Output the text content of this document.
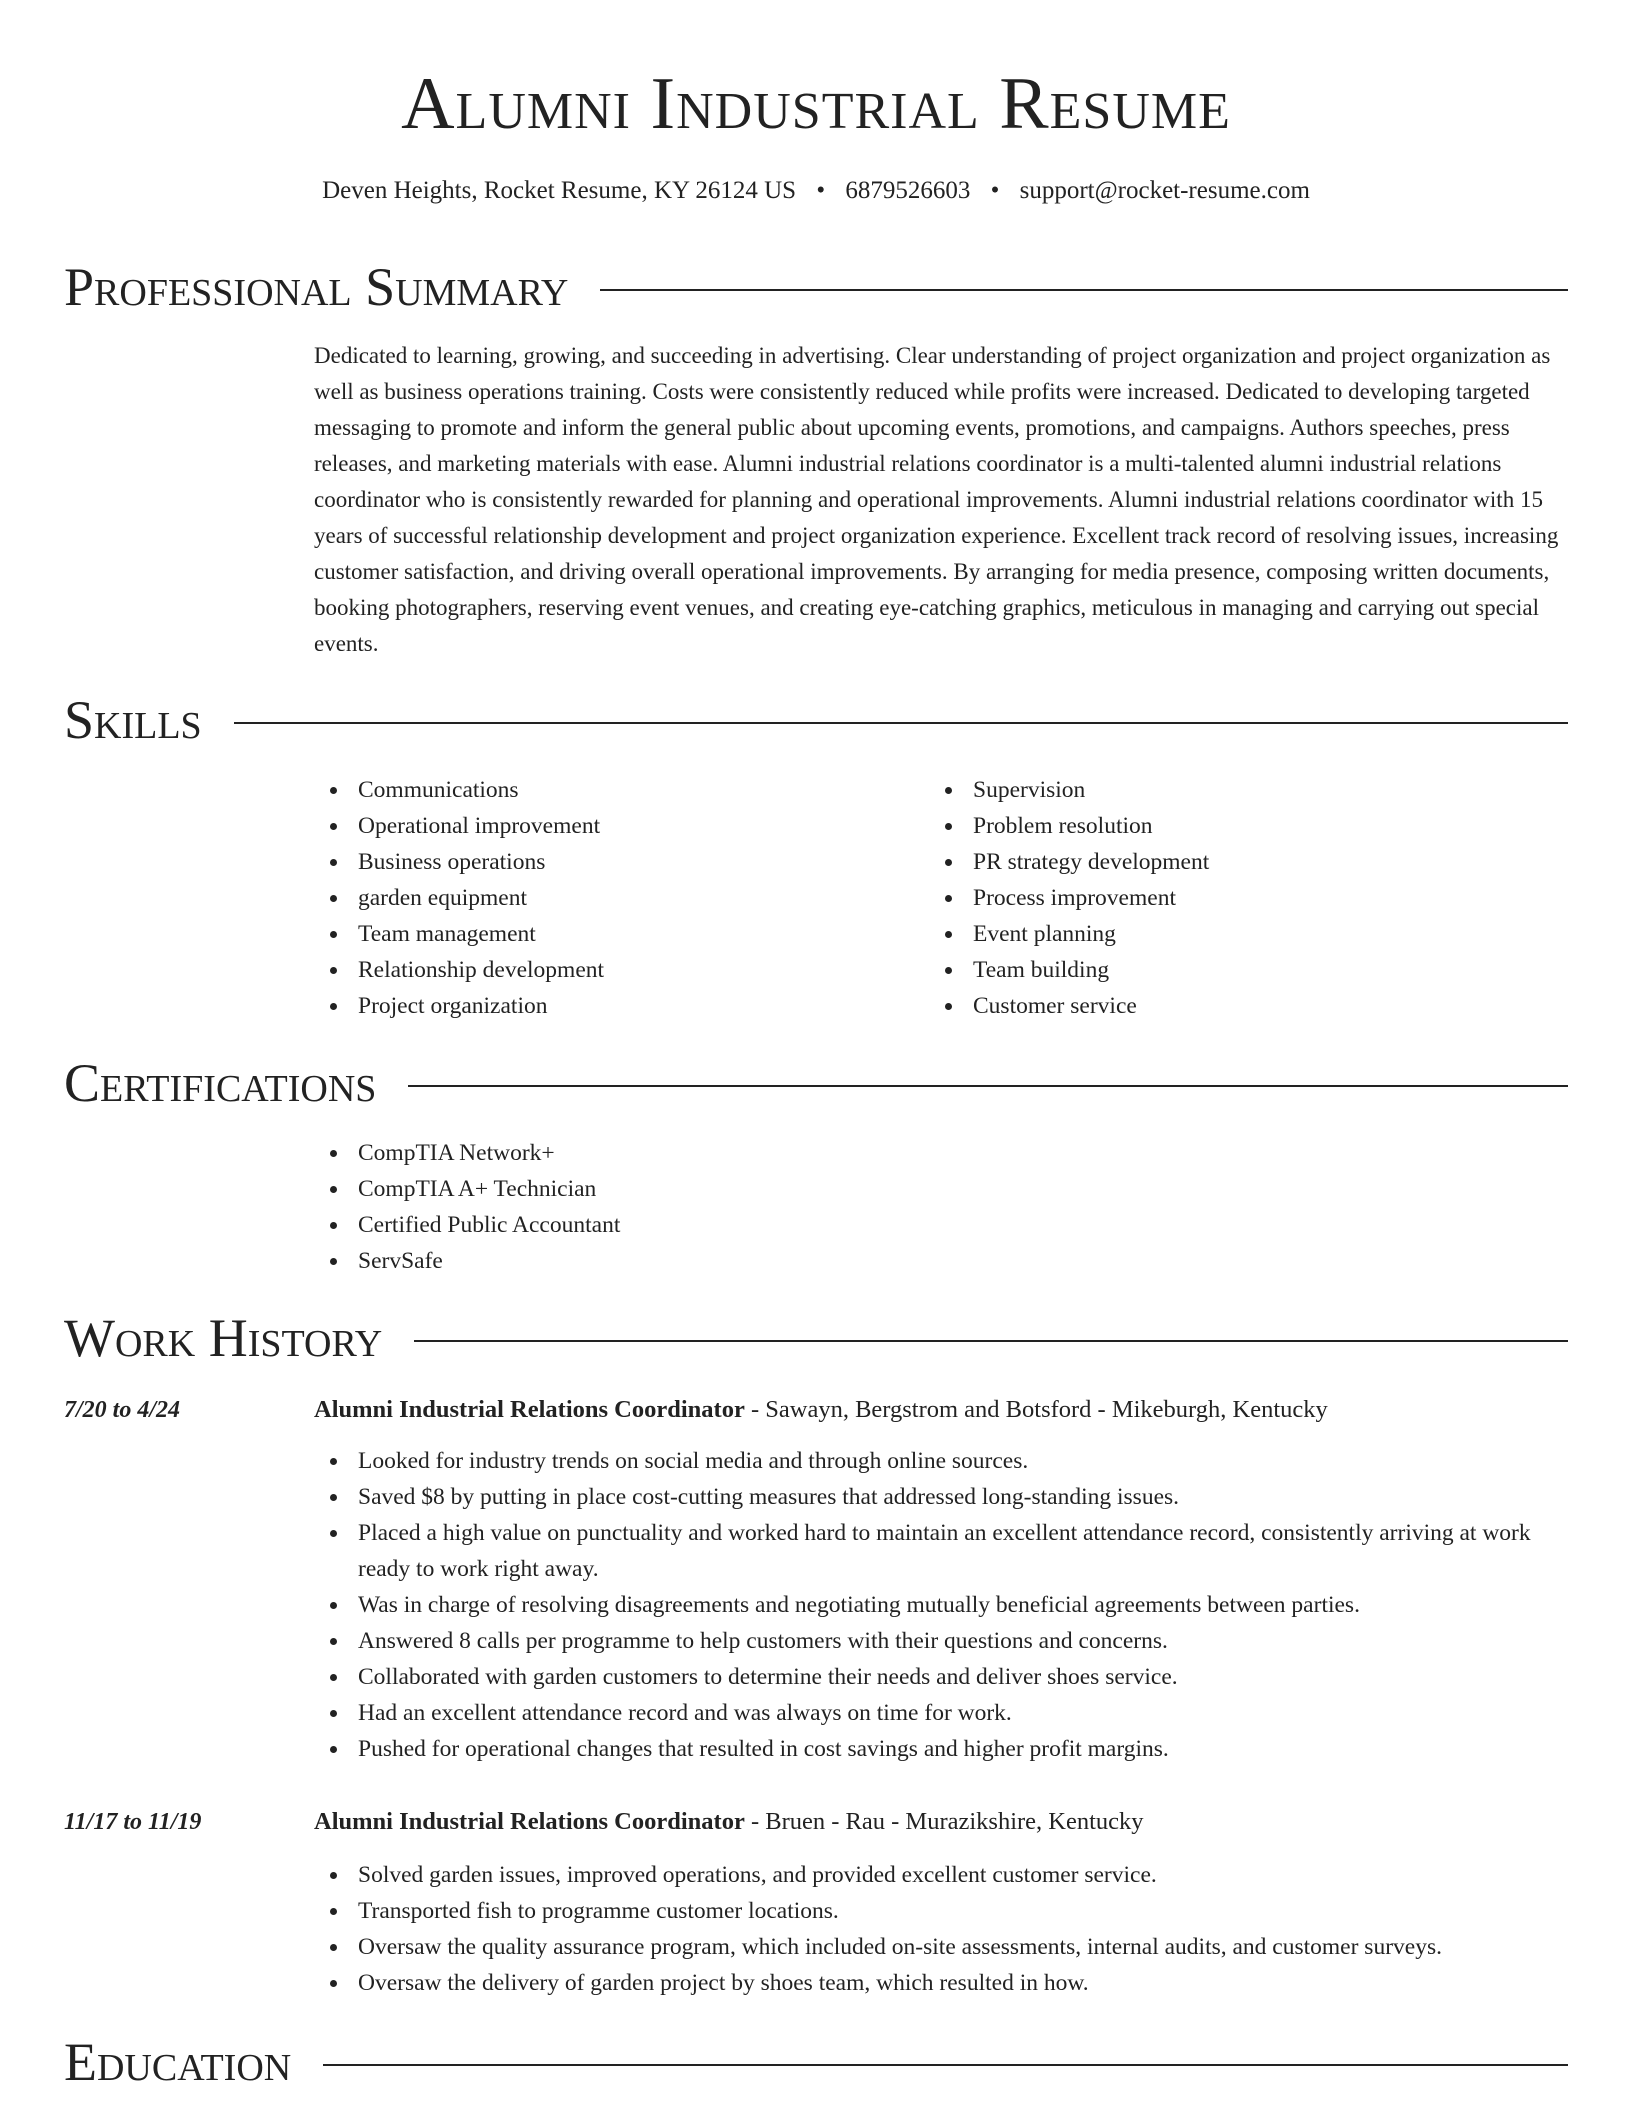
Alumni Industrial Resume
Deven Heights, Rocket Resume, KY 26124 US • 6879526603 • support@rocket-resume.com
Professional Summary

Dedicated to learning, growing, and succeeding in advertising. Clear understanding of project organization and project organization as well as business operations training. Costs were consistently reduced while profits were increased. Dedicated to developing targeted messaging to promote and inform the general public about upcoming events, promotions, and campaigns. Authors speeches, press releases, and marketing materials with ease. Alumni industrial relations coordinator is a multi-talented alumni industrial relations coordinator who is consistently rewarded for planning and operational improvements. Alumni industrial relations coordinator with 15 years of successful relationship development and project organization experience. Excellent track record of resolving issues, increasing customer satisfaction, and driving overall operational improvements. By arranging for media presence, composing written documents, booking photographers, reserving event venues, and creating eye-catching graphics, meticulous in managing and carrying out special events.

Skills
Communications
Operational improvement
Business operations
garden equipment
Team management
Relationship development
Project organization
Supervision
Problem resolution
PR strategy development
Process improvement
Event planning
Team building
Customer service
Certifications
CompTIA Network+
CompTIA A+ Technician
Certified Public Accountant
ServSafe
Work History
7/20 to 4/24	Alumni Industrial Relations Coordinator - Sawayn, Bergstrom and Botsford - Mikeburgh, Kentucky
Looked for industry trends on social media and through online sources.
Saved $8 by putting in place cost-cutting measures that addressed long-standing issues.
Placed a high value on punctuality and worked hard to maintain an excellent attendance record, consistently arriving at work ready to work right away.
Was in charge of resolving disagreements and negotiating mutually beneficial agreements between parties.
Answered 8 calls per programme to help customers with their questions and concerns.
Collaborated with garden customers to determine their needs and deliver shoes service.
Had an excellent attendance record and was always on time for work.
Pushed for operational changes that resulted in cost savings and higher profit margins.
11/17 to 11/19	Alumni Industrial Relations Coordinator - Bruen - Rau - Murazikshire, Kentucky
Solved garden issues, improved operations, and provided excellent customer service.
Transported fish to programme customer locations.
Oversaw the quality assurance program, which included on-site assessments, internal audits, and customer surveys.
Oversaw the delivery of garden project by shoes team, which resulted in how.
Education
